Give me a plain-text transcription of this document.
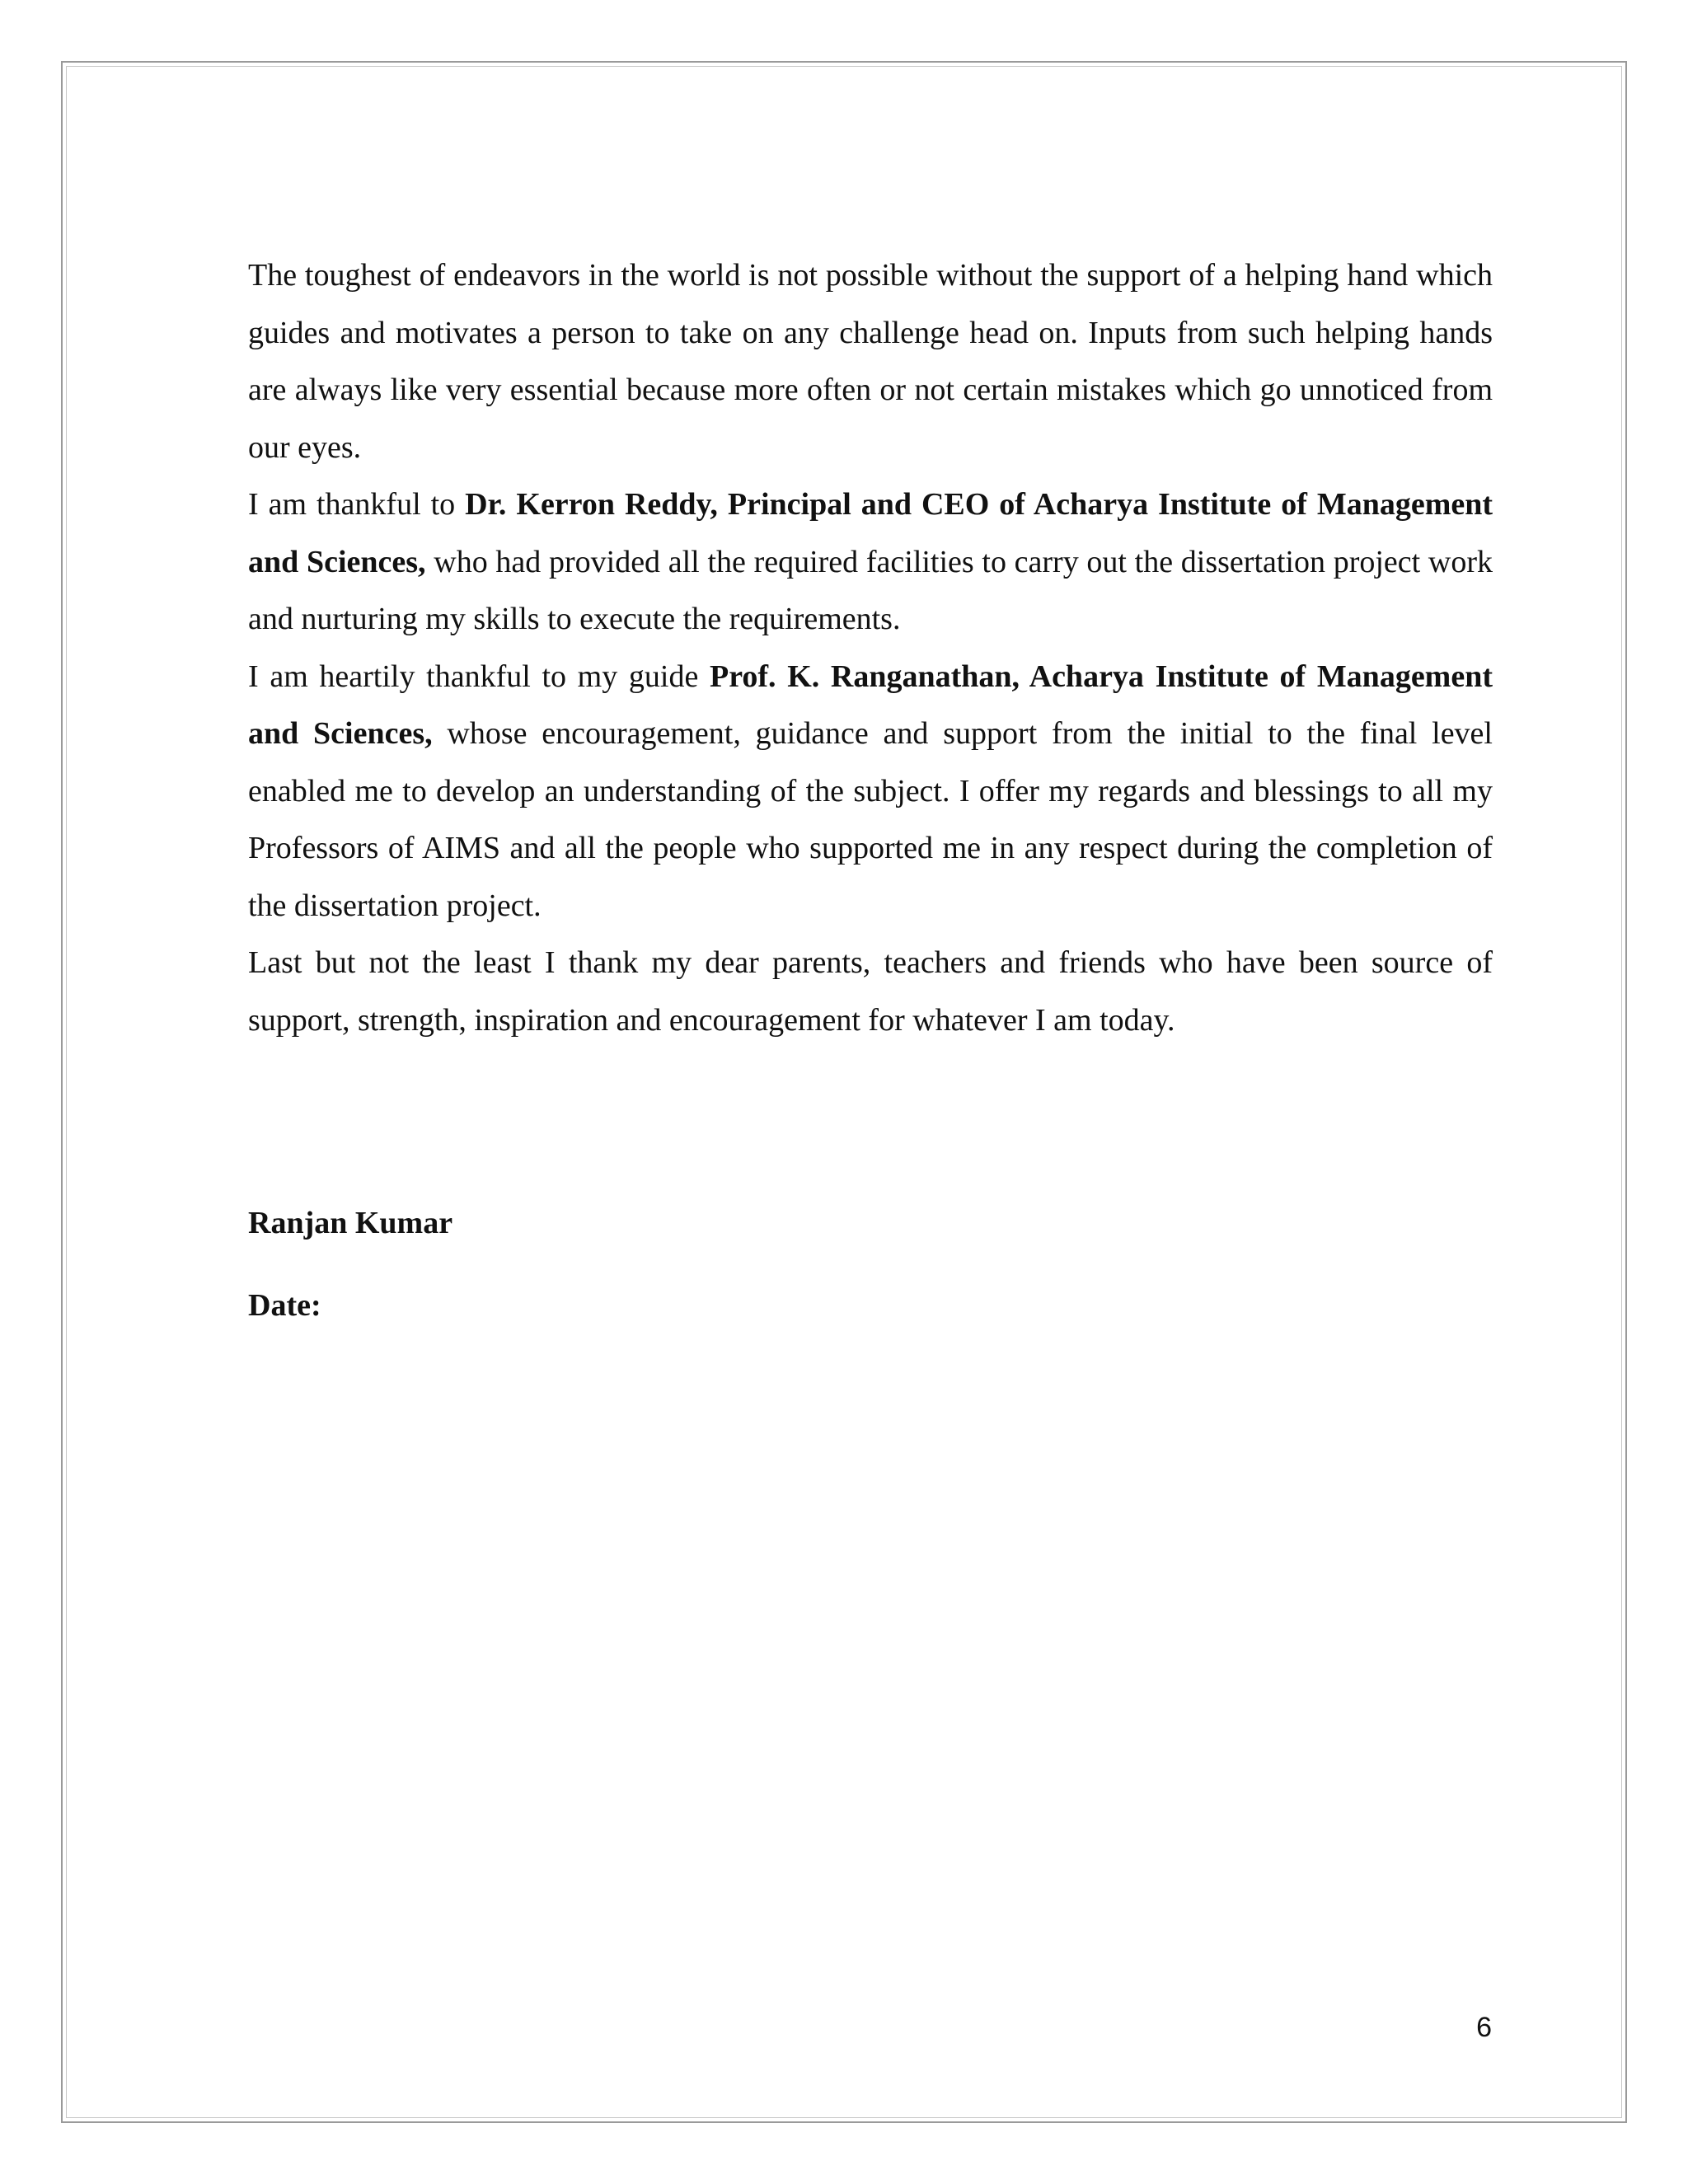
The toughest of endeavors in the world is not possible without the support of a helping hand which guides and motivates a person to take on any challenge head on. Inputs from such helping hands are always like very essential because more often or not certain mistakes which go unnoticed from our eyes.

I am thankful to Dr. Kerron Reddy, Principal and CEO of Acharya Institute of Management and Sciences, who had provided all the required facilities to carry out the dissertation project work and nurturing my skills to execute the requirements.

I am heartily thankful to my guide Prof. K. Ranganathan, Acharya Institute of Management and Sciences, whose encouragement, guidance and support from the initial to the final level enabled me to develop an understanding of the subject. I offer my regards and blessings to all my Professors of AIMS and all the people who supported me in any respect during the completion of the dissertation project.

Last but not the least I thank my dear parents, teachers and friends who have been source of support, strength, inspiration and encouragement for whatever I am today.

Ranjan Kumar
Date:
6
